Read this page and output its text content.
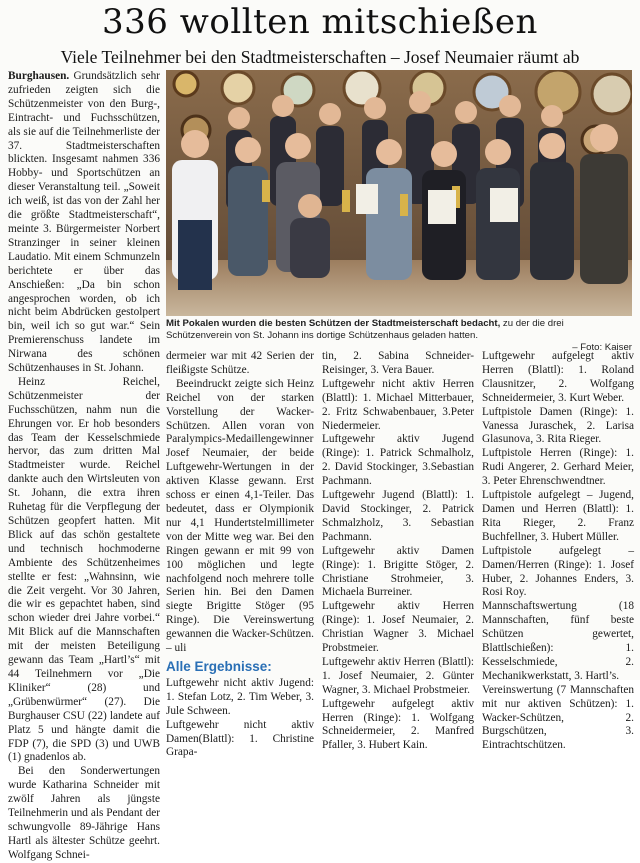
336 wollten mitschießen
Viele Teilnehmer bei den Stadtmeisterschaften – Josef Neumaier räumt ab

Burghausen. Grundsätzlich sehr zufrieden zeigten sich die Schützenmeister von den Burg-, Eintracht- und Fuchsschützen, als sie auf die Teilnehmerliste der 37. Stadtmeisterschaften blickten. Insgesamt nahmen 336 Hobby- und Sportschützen an dieser Veranstaltung teil. „Soweit ich weiß, ist das von der Zahl her die größte Stadtmeisterschaft“, meinte 3. Bürgermeister Norbert Stranzinger in seiner kleinen Laudatio. Mit einem Schmunzeln berichtete er über das Anschießen: „Da bin schon angesprochen worden, ob ich nicht beim Abdrücken gestolpert bin, weil ich so gut war.“ Sein Premierenschuss landete im Nirwana des schönen Schützenhauses in St. Johann.

Heinz Reichel, Schützenmeister der Fuchsschützen, nahm nun die Ehrungen vor. Er hob besonders das Team der Kesselschmiede hervor, das zum dritten Mal Stadtmeister wurde. Reichel dankte auch den Wirtsleuten von St. Johann, die extra ihren Ruhetag für die Verpflegung der Schützen geopfert hatten. Mit Blick auf das schön gestaltete und technisch hochmoderne Ambiente des Schützenheimes stellte er fest: „Wahnsinn, wie die Zeit vergeht. Vor 30 Jahren, die wir es gepachtet haben, sind schon wieder drei Jahre vorbei.“ Mit Blick auf die Mannschaften mit der meisten Beteiligung gewann das Team „Hartl’s“ mit 44 Teilnehmern vor „Die Kliniker“ (28) und „Grübenwürmer“ (27). Die Burghauser CSU (22) landete auf Platz 5 und hängte damit die FDP (7), die SPD (3) und UWB (1) gnadenlos ab.

Bei den Sonderwertungen wurde Katharina Schneider mit zwölf Jahren als jüngste Teilnehmerin und als Pendant der schwungvolle 89-Jährige Hans Hartl als ältester Schütze geehrt. Wolfgang Schnei-

Mit Pokalen wurden die besten Schützen der Stadtmeisterschaft bedacht, zu der die drei Schützenverein von St. Johann ins dortige Schützenhaus geladen hatten.
– Foto: Kaiser

dermeier war mit 42 Serien der fleißigste Schütze.

Beeindruckt zeigte sich Heinz Reichel von der starken Vorstellung der Wacker-Schützen. Allen voran von Paralympics-Medaillengewinner Josef Neumaier, der beide Luftgewehr-Wertungen in der aktiven Klasse gewann. Erst schoss er einen 4,1-Teiler. Das bedeutet, dass er Olympionik nur 4,1 Hundertstelmillimeter von der Mitte weg war. Bei den Ringen gewann er mit 99 von 100 möglichen und legte nachfolgend noch mehrere tolle Serien hin. Bei den Damen siegte Brigitte Stöger (95 Ringe). Die Vereinswertung gewannen die Wacker-Schützen. – uli

Alle Ergebnisse:

Luftgewehr nicht aktiv Jugend: 1. Stefan Lotz, 2. Tim Weber, 3. Jule Schween.

Luftgewehr nicht aktiv Damen(Blattl): 1. Christine Grapa-

tin, 2. Sabina Schneider-Reisinger, 3. Vera Bauer.

Luftgewehr nicht aktiv Herren (Blattl): 1. Michael Mitterbauer, 2. Fritz Schwabenbauer, 3.Peter Niedermeier.

Luftgewehr aktiv Jugend (Ringe): 1. Patrick Schmalholz, 2. David Stockinger, 3.Sebastian Pachmann.

Luftgewehr Jugend (Blattl): 1. David Stockinger, 2. Patrick Schmalzholz, 3. Sebastian Pachmann.

Luftgewehr aktiv Damen (Ringe): 1. Brigitte Stöger, 2. Christiane Strohmeier, 3. Michaela Burreiner.

Luftgewehr aktiv Herren (Ringe): 1. Josef Neumaier, 2. Christian Wagner 3. Michael Probstmeier.

Luftgewehr aktiv Herren (Blattl): 1. Josef Neumaier, 2. Günter Wagner, 3. Michael Probstmeier.

Luftgewehr aufgelegt aktiv Herren (Ringe): 1. Wolfgang Schneidermeier, 2. Manfred Pfaller, 3. Hubert Kain.

Luftgewehr aufgelegt aktiv Herren (Blattl): 1. Roland Clausnitzer, 2. Wolfgang Schneidermeier, 3. Kurt Weber.

Luftpistole Damen (Ringe): 1. Vanessa Juraschek, 2. Larisa Glasunova, 3. Rita Rieger.

Luftpistole Herren (Ringe): 1. Rudi Angerer, 2. Gerhard Meier, 3. Peter Ehrenschwendtner.

Luftpistole aufgelegt – Jugend, Damen und Herren (Blattl): 1. Rita Rieger, 2. Franz Buchfellner, 3. Hubert Müller.

Luftpistole aufgelegt – Damen/Herren (Ringe): 1. Josef Huber, 2. Johannes Enders, 3. Rosi Roy.

Mannschaftswertung (18 Mannschaften, fünf beste Schützen gewertet, Blattlschießen): 1. Kesselschmiede, 2. Mechanikwerkstatt, 3. Hartl’s.

Vereinswertung (7 Mannschaften mit nur aktiven Schützen): 1. Wacker-Schützen, 2. Burgschützen, 3. Eintrachtschützen.
